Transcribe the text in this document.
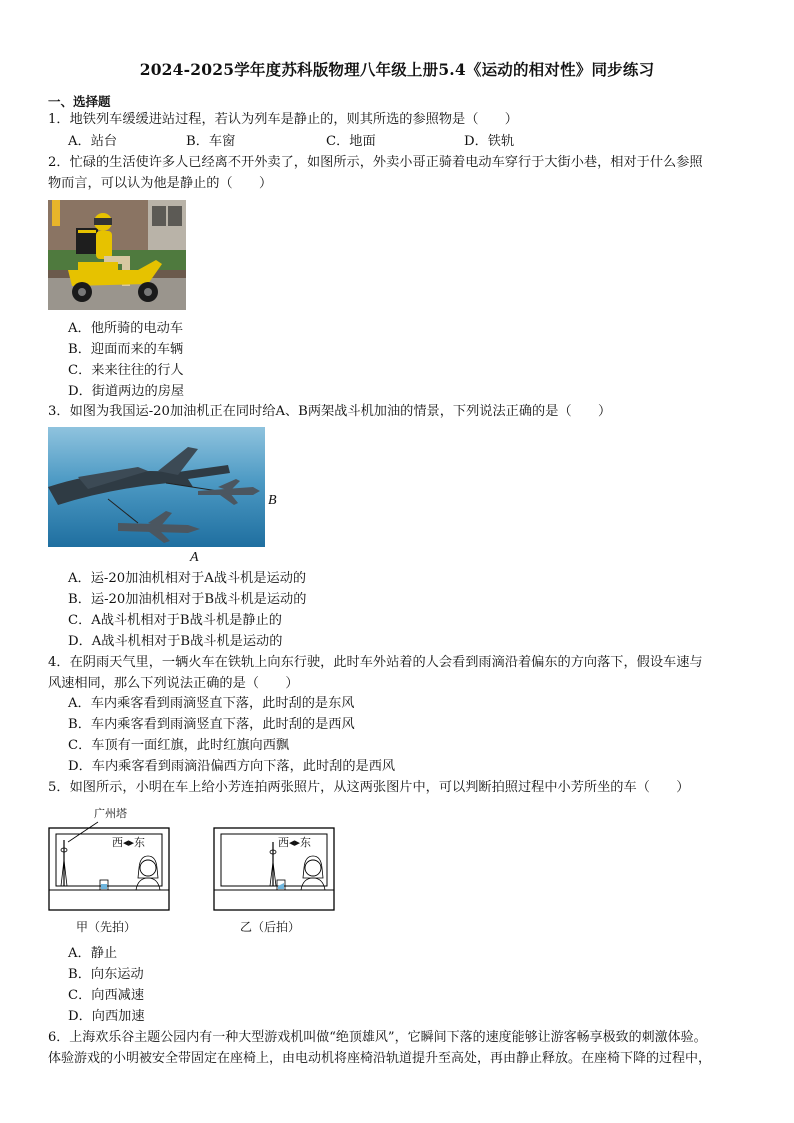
2024-2025学年度苏科版物理八年级上册5.4《运动的相对性》同步练习
一、选择题
1．地铁列车缓缓进站过程，若认为列车是静止的，则其所选的参照物是（　　）
A．站台	B．车窗	C．地面	D．铁轨
2．忙碌的生活使许多人已经离不开外卖了，如图所示，外卖小哥正骑着电动车穿行于大街小巷，相对于什么参照
物而言，可以认为他是静止的（　　）
A．他所骑的电动车
B．迎面而来的车辆
C．来来往往的行人
D．街道两边的房屋
3．如图为我国运-20加油机正在同时给A、B两架战斗机加油的情景，下列说法正确的是（　　）
B
A
A．运-20加油机相对于A战斗机是运动的
B．运-20加油机相对于B战斗机是运动的
C．A战斗机相对于B战斗机是静止的
D．A战斗机相对于B战斗机是运动的
4．在阴雨天气里，一辆火车在铁轨上向东行驶，此时车外站着的人会看到雨滴沿着偏东的方向落下，假设车速与
风速相同，那么下列说法正确的是（　　）
A．车内乘客看到雨滴竖直下落，此时刮的是东风
B．车内乘客看到雨滴竖直下落，此时刮的是西风
C．车顶有一面红旗，此时红旗向西飘
D．车内乘客看到雨滴沿偏西方向下落，此时刮的是西风
5．如图所示，小明在车上给小芳连拍两张照片，从这两张图片中，可以判断拍照过程中小芳所坐的车（　　）
广州塔
西◂▸东	西◂▸东
甲（先拍）	乙（后拍）
A．静止
B．向东运动
C．向西减速
D．向西加速
6．上海欢乐谷主题公园内有一种大型游戏机叫做“绝顶雄风”，它瞬间下落的速度能够让游客畅享极致的刺激体验。
体验游戏的小明被安全带固定在座椅上，由电动机将座椅沿轨道提升至高处，再由静止释放。在座椅下降的过程中，
